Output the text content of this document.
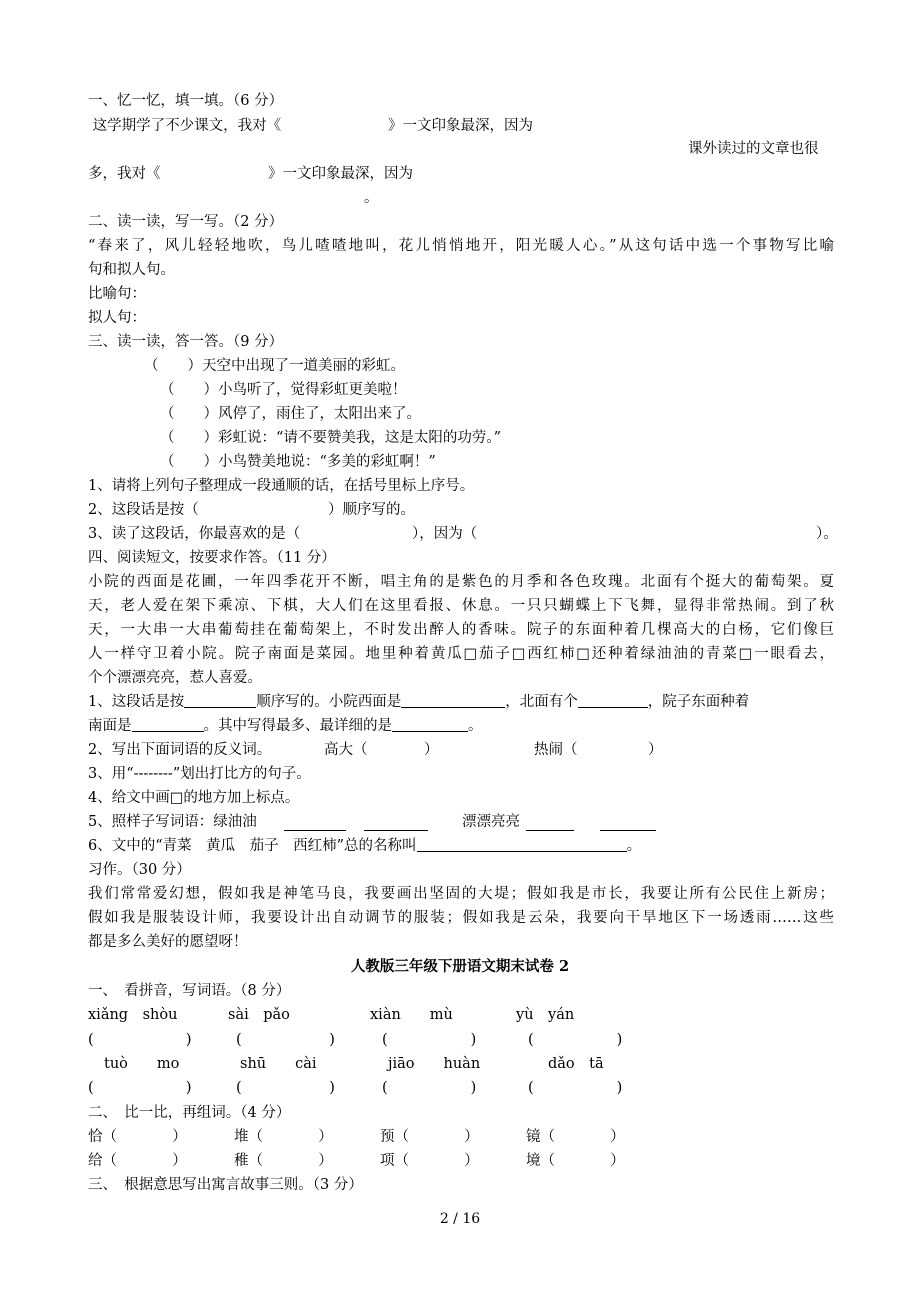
一、忆一忆，填一填。（6 分）
这学期学了不少课文，我对《	》一文印象最深，因为
课外读过的文章也很
多，我对《	》一文印象最深，因为
。
二、读一读，写一写。（2 分）
“春来了，风儿轻轻地吹，鸟儿喳喳地叫，花儿悄悄地开，阳光暖人心。”从这句话中选一个事物写比喻
句和拟人句。
比喻句：
拟人句：
三、读一读，答一答。（9 分）
（　　）天空中出现了一道美丽的彩虹。
（　　）小鸟听了，觉得彩虹更美啦！
（　　）风停了，雨住了，太阳出来了。
（　　）彩虹说：“请不要赞美我，这是太阳的功劳。”
（　　）小鸟赞美地说：“多美的彩虹啊！”
1、请将上列句子整理成一段通顺的话，在括号里标上序号。
2、这段话是按（	）顺序写的。
3、读了这段话，你最喜欢的是（	），因为（	）。
四、阅读短文，按要求作答。（11 分）
小院的西面是花圃，一年四季花开不断，唱主角的是紫色的月季和各色玫瑰。北面有个挺大的葡萄架。夏
天，老人爱在架下乘凉、下棋，大人们在这里看报、休息。一只只蝴蝶上下飞舞，显得非常热闹。到了秋
天，一大串一大串葡萄挂在葡萄架上，不时发出醉人的香味。院子的东面种着几棵高大的白杨，它们像巨
人一样守卫着小院。院子南面是菜园。地里种着黄瓜□茄子□西红柿□还种着绿油油的青菜□一眼看去，
个个漂漂亮亮，惹人喜爱。
1、这段话是按	顺序写的。小院西面是	，北面有个	，院子东面种着
南面是	。其中写得最多、最详细的是	。
2、写出下面词语的反义词。	高大（	）	热闹（	）
3、用“--------”划出打比方的句子。
4、给文中画□的地方加上标点。
5、照样子写词语：绿油油	漂漂亮亮
6、文中的“青菜　黄瓜　茄子　西红柿”总的名称叫	。
习作。（30 分）
我们常常爱幻想，假如我是神笔马良，我要画出坚固的大堤；假如我是市长，我要让所有公民住上新房；
假如我是服装设计师，我要设计出自动调节的服装；假如我是云朵，我要向干旱地区下一场透雨……这些
都是多么美好的愿望呀！
人教版三年级下册语文期末试卷 2
一、　看拼音，写词语。（8 分）
xiǎng　shòu	sài　pǎo	xiàn　　mù	yù　yán
(                    )	(                   )	(                  )	(                  )
tuò　　mo	shū　　cài	jiāo　　huàn	dǎo　tā
(                    )	(                   )	(                  )	(                  )
二、　比一比，再组词。（4 分）
恰（            ）	堆（            ）	预（            ）	镜（            ）
给（            ）	稚（            ）	项（            ）	境（            ）
三、　根据意思写出寓言故事三则。（3 分）
2 / 16
